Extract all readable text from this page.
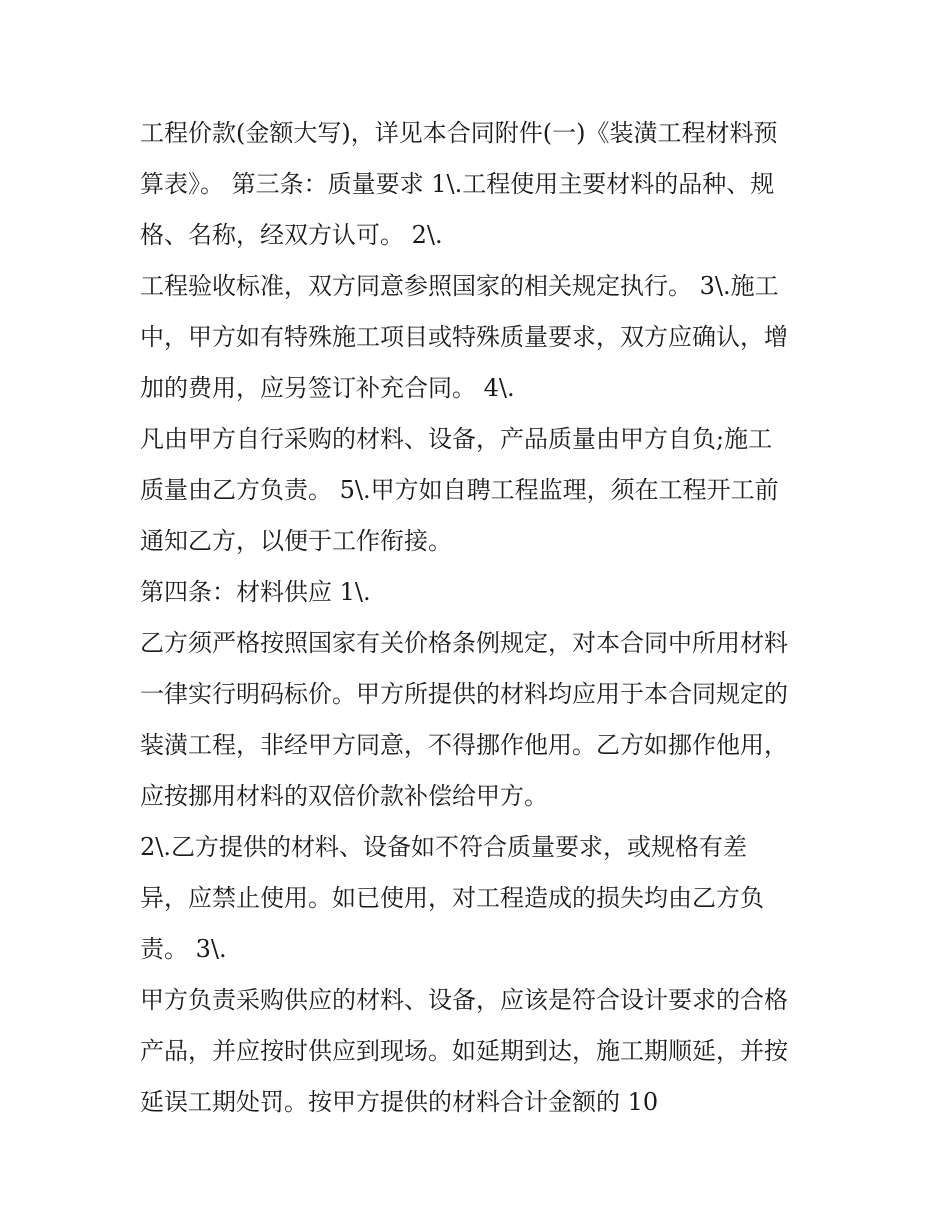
工程价款(金额大写)，详见本合同附件(一)《装潢工程材料预
算表》。 第三条：质量要求 1\.工程使用主要材料的品种、规
格、名称，经双方认可。 2\.
工程验收标准，双方同意参照国家的相关规定执行。 3\.施工
中，甲方如有特殊施工项目或特殊质量要求，双方应确认，增
加的费用，应另签订补充合同。 4\.
凡由甲方自行采购的材料、设备，产品质量由甲方自负;施工
质量由乙方负责。 5\.甲方如自聘工程监理，须在工程开工前
通知乙方，以便于工作衔接。
第四条：材料供应 1\.
乙方须严格按照国家有关价格条例规定，对本合同中所用材料
一律实行明码标价。甲方所提供的材料均应用于本合同规定的
装潢工程，非经甲方同意，不得挪作他用。乙方如挪作他用，
应按挪用材料的双倍价款补偿给甲方。
2\.乙方提供的材料、设备如不符合质量要求，或规格有差
异，应禁止使用。如已使用，对工程造成的损失均由乙方负
责。 3\.
甲方负责采购供应的材料、设备，应该是符合设计要求的合格
产品，并应按时供应到现场。如延期到达，施工期顺延，并按
延误工期处罚。按甲方提供的材料合计金额的 10
